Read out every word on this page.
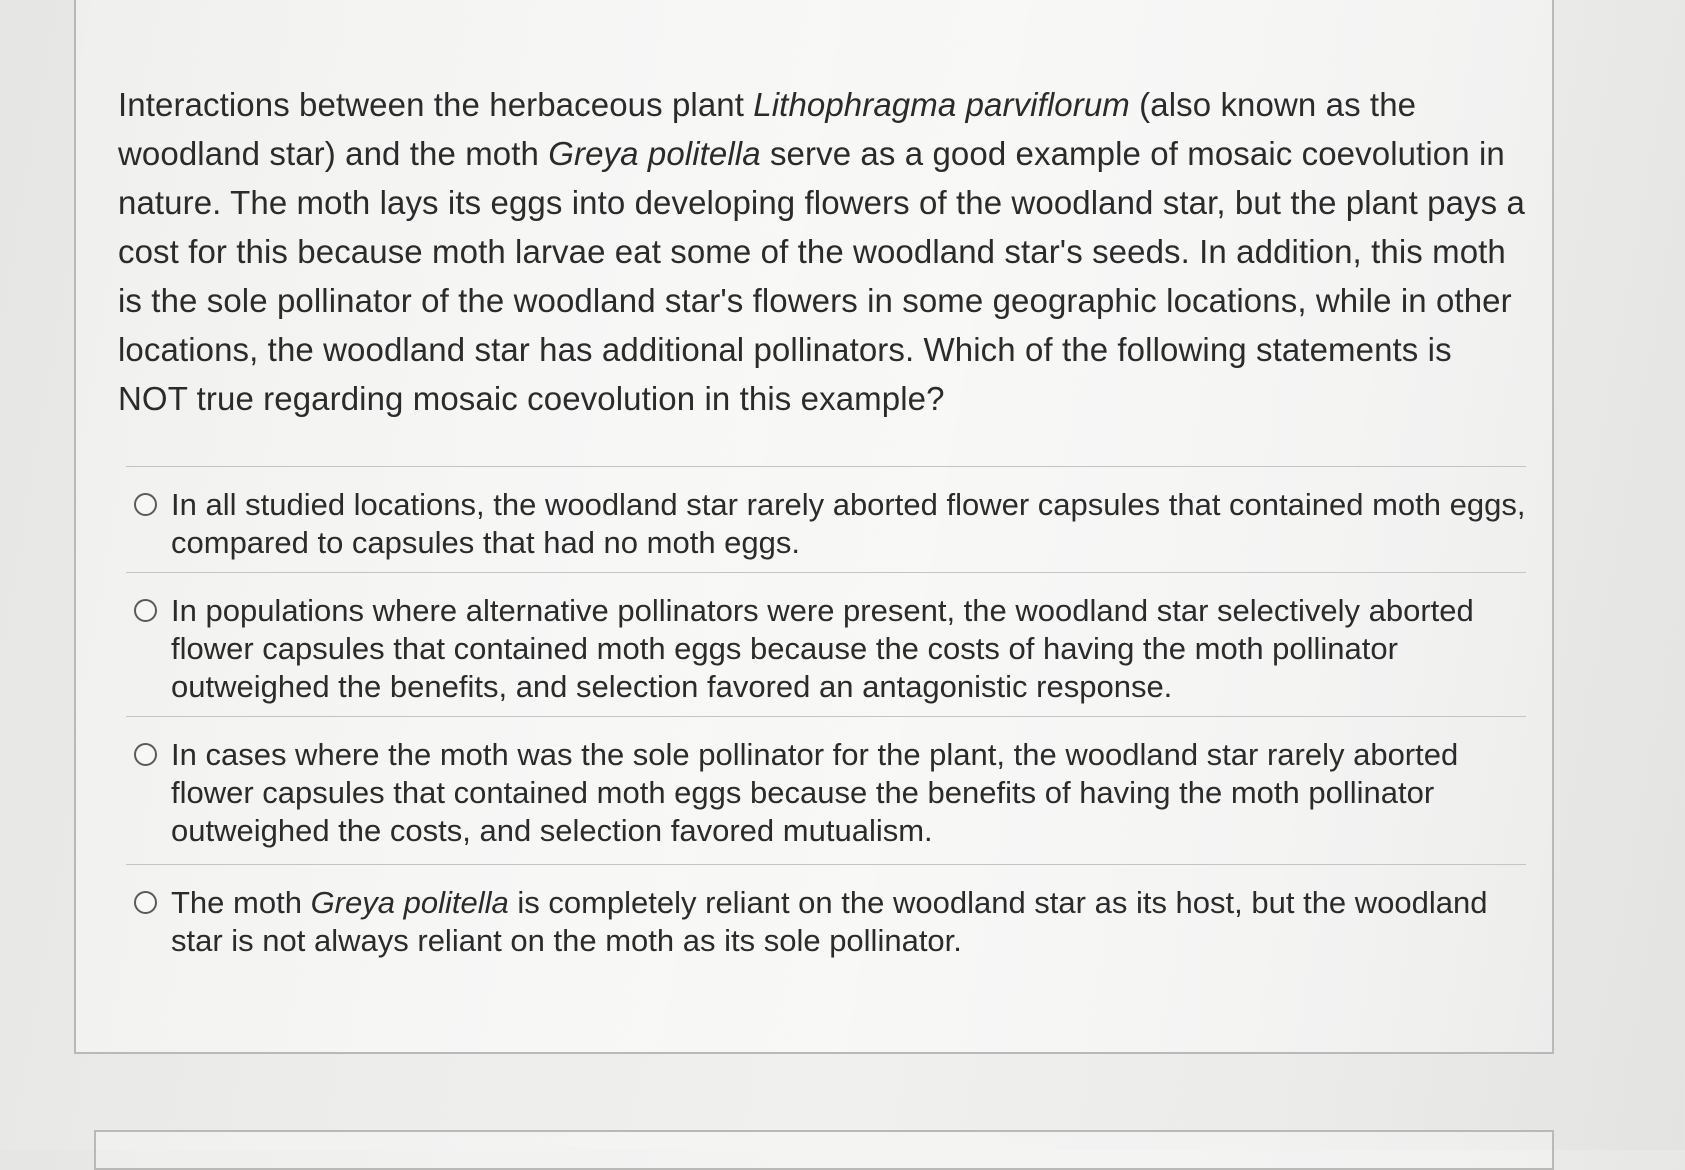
Interactions between the herbaceous plant Lithophragma parviflorum (also known as the woodland star) and the moth Greya politella serve as a good example of mosaic coevolution in nature. The moth lays its eggs into developing flowers of the woodland star, but the plant pays a cost for this because moth larvae eat some of the woodland star's seeds. In addition, this moth is the sole pollinator of the woodland star's flowers in some geographic locations, while in other locations, the woodland star has additional pollinators. Which of the following statements is NOT true regarding mosaic coevolution in this example?

In all studied locations, the woodland star rarely aborted flower capsules that contained moth eggs, compared to capsules that had no moth eggs.
In populations where alternative pollinators were present, the woodland star selectively aborted flower capsules that contained moth eggs because the costs of having the moth pollinator outweighed the benefits, and selection favored an antagonistic response.
In cases where the moth was the sole pollinator for the plant, the woodland star rarely aborted flower capsules that contained moth eggs because the benefits of having the moth pollinator outweighed the costs, and selection favored mutualism.
The moth Greya politella is completely reliant on the woodland star as its host, but the woodland star is not always reliant on the moth as its sole pollinator.
